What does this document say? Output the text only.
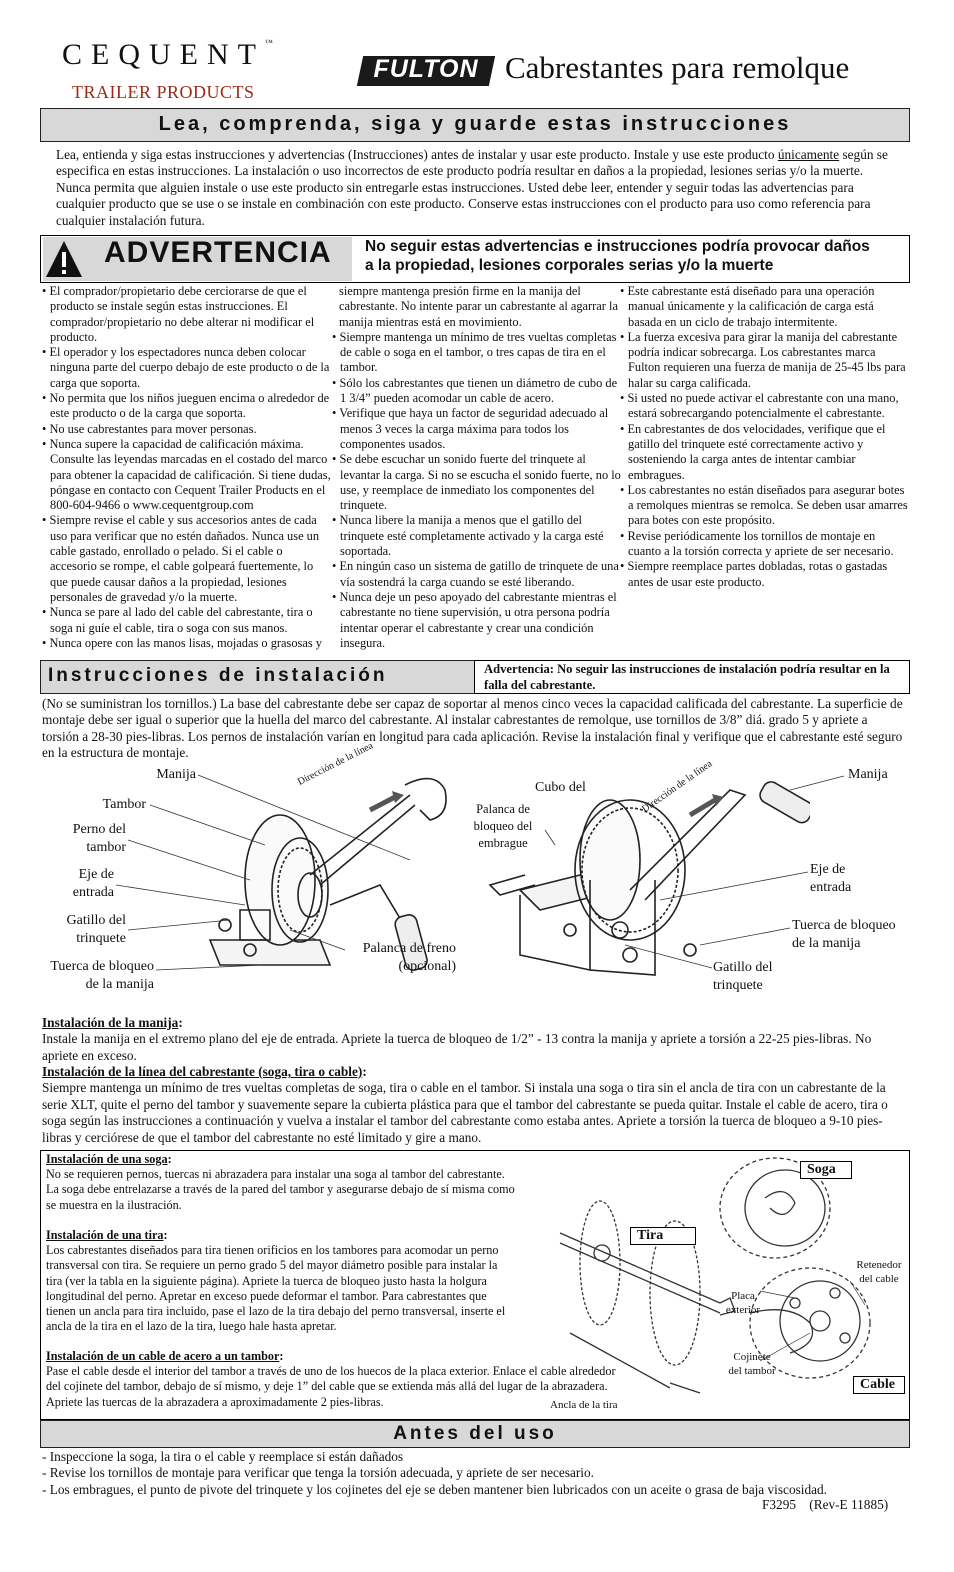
CEQUENT™
TRAILER PRODUCTS
FULTON Cabrestantes para remolque
Lea, comprenda, siga y guarde estas instrucciones
Lea, entienda y siga estas instrucciones y advertencias (Instrucciones) antes de instalar y usar este producto. Instale y use este producto únicamente según se especifica en estas instrucciones. La instalación o uso incorrectos de este producto podría resultar en daños a la propiedad, lesiones serias y/o la muerte. Nunca permita que alguien instale o use este producto sin entregarle estas instrucciones. Usted debe leer, entender y seguir todas las advertencias para cualquier producto que se use o se instale en combinación con este producto. Conserve estas instrucciones con el producto para uso como referencia para cualquier instalación futura.
ADVERTENCIA No seguir estas advertencias e instrucciones podría provocar daños a la propiedad, lesiones corporales serias y/o la muerte
• El comprador/propietario debe cerciorarse de que el producto se instale según estas instrucciones. El comprador/propietario no debe alterar ni modificar el producto.
• El operador y los espectadores nunca deben colocar ninguna parte del cuerpo debajo de este producto o de la carga que soporta.
• No permita que los niños jueguen encima o alrededor de este producto o de la carga que soporta.
• No use cabrestantes para mover personas.
• Nunca supere la capacidad de calificación máxima. Consulte las leyendas marcadas en el costado del marco para obtener la capacidad de calificación. Si tiene dudas, póngase en contacto con Cequent Trailer Products en el 800-604-9466 o www.cequentgroup.com
• Siempre revise el cable y sus accesorios antes de cada uso para verificar que no estén dañados. Nunca use un cable gastado, enrollado o pelado. Si el cable o accesorio se rompe, el cable golpeará fuertemente, lo que puede causar daños a la propiedad, lesiones personales de gravedad y/o la muerte.
• Nunca se pare al lado del cable del cabrestante, tira o soga ni guíe el cable, tira o soga con sus manos.
• Nunca opere con las manos lisas, mojadas o grasosas y
siempre mantenga presión firme en la manija del cabrestante. No intente parar un cabrestante al agarrar la manija mientras está en movimiento.
• Siempre mantenga un mínimo de tres vueltas completas de cable o soga en el tambor, o tres capas de tira en el tambor.
• Sólo los cabrestantes que tienen un diámetro de cubo de 1 3/4” pueden acomodar un cable de acero.
• Verifique que haya un factor de seguridad adecuado al menos 3 veces la carga máxima para todos los componentes usados.
• Se debe escuchar un sonido fuerte del trinquete al levantar la carga. Si no se escucha el sonido fuerte, no lo use, y reemplace de inmediato los componentes del trinquete.
• Nunca libere la manija a menos que el gatillo del trinquete esté completamente activado y la carga esté soportada.
• En ningún caso un sistema de gatillo de trinquete de una vía sostendrá la carga cuando se esté liberando.
• Nunca deje un peso apoyado del cabrestante mientras el cabrestante no tiene supervisión, u otra persona podría intentar operar el cabrestante y crear una condición insegura.
• Este cabrestante está diseñado para una operación manual únicamente y la calificación de carga está basada en un ciclo de trabajo intermitente.
• La fuerza excesiva para girar la manija del cabrestante podría indicar sobrecarga. Los cabrestantes marca Fulton requieren una fuerza de manija de 25-45 lbs para halar su carga calificada.
• Si usted no puede activar el cabrestante con una mano, estará sobrecargando potencialmente el cabrestante.
• En cabrestantes de dos velocidades, verifique que el gatillo del trinquete esté correctamente activo y sosteniendo la carga antes de intentar cambiar embragues.
• Los cabrestantes no están diseñados para asegurar botes a remolques mientras se remolca. Se deben usar amarres para botes con este propósito.
• Revise periódicamente los tornillos de montaje en cuanto a la torsión correcta y apriete de ser necesario.
• Siempre reemplace partes dobladas, rotas o gastadas antes de usar este producto.
Instrucciones de instalación	Advertencia: No seguir las instrucciones de instalación podría resultar en la falla del cabrestante.
(No se suministran los tornillos.) La base del cabrestante debe ser capaz de soportar al menos cinco veces la capacidad calificada del cabrestante. La superficie de montaje debe ser igual o superior que la huella del marco del cabrestante. Al instalar cabrestantes de remolque, use tornillos de 3/8” diá. grado 5 y apriete a torsión a 28-30 pies-libras. Los pernos de instalación varían en longitud para cada aplicación. Revise la instalación final y verifique que el cabrestante esté seguro en la estructura de montaje.	Dirección de la línea
Manija
Tambor
Perno del
tambor
Eje de
entrada
Gatillo del
trinquete
Tuerca de bloqueo
de la manija
Palanca de freno
(opcional)
Dirección de la línea
Cubo del
Palanca de
bloqueo del
embrague
Manija
Eje de
entrada
Tuerca de bloqueo
de la manija
Gatillo del
trinquete
Instalación de la manija:
Instale la manija en el extremo plano del eje de entrada. Apriete la tuerca de bloqueo de 1/2” - 13 contra la manija y apriete a torsión a 22-25 pies-libras. No apriete en exceso.
Instalación de la línea del cabrestante (soga, tira o cable):
Siempre mantenga un mínimo de tres vueltas completas de soga, tira o cable en el tambor. Si instala una soga o tira sin el ancla de tira con un cabrestante de la serie XLT, quite el perno del tambor y suavemente separe la cubierta plástica para que el tambor del cabrestante se pueda quitar. Instale el cable de acero, tira o soga según las instrucciones a continuación y vuelva a instalar el tambor del cabrestante como estaba antes. Apriete a torsión la tuerca de bloqueo a 9-10 pies-libras y cerciórese de que el tambor del cabrestante no esté limitado y gire a mano.
Instalación de una soga:
No se requieren pernos, tuercas ni abrazadera para instalar una soga al tambor del cabrestante. La soga debe entrelazarse a través de la pared del tambor y asegurarse debajo de sí misma como se muestra en la ilustración.
Instalación de una tira:
Los cabrestantes diseñados para tira tienen orificios en los tambores para acomodar un perno transversal con tira. Se requiere un perno grado 5 del mayor diámetro posible para instalar la tira (ver la tabla en la siguiente página). Apriete la tuerca de bloqueo justo hasta la holgura longitudinal del perno. Apretar en exceso puede deformar el tambor. Para cabrestantes que tienen un ancla para tira incluido, pase el lazo de la tira debajo del perno transversal, inserte el ancla de la tira en el lazo de la tira, luego hale hasta apretar.
Instalación de un cable de acero a un tambor:
Pase el cable desde el interior del tambor a través de uno de los huecos de la placa exterior. Enlace el cable alrededor del cojinete del tambor, debajo de sí mismo, y deje 1” del cable que se extienda más allá del lugar de la abrazadera. Apriete las tuercas de la abrazadera a aproximadamente 2 pies-libras.
Soga
Tira
Cable
Retenedor
del cable
Placa
exterior
Cojinete
del tambor
Ancla de la tira
Antes del uso
- Inspeccione la soga, la tira o el cable y reemplace si están dañados
- Revise los tornillos de montaje para verificar que tenga la torsión adecuada, y apriete de ser necesario.
- Los embragues, el punto de pivote del trinquete y los cojinetes del eje se deben mantener bien lubricados con un aceite o grasa de baja viscosidad.
F3295    (Rev-E 11885)
